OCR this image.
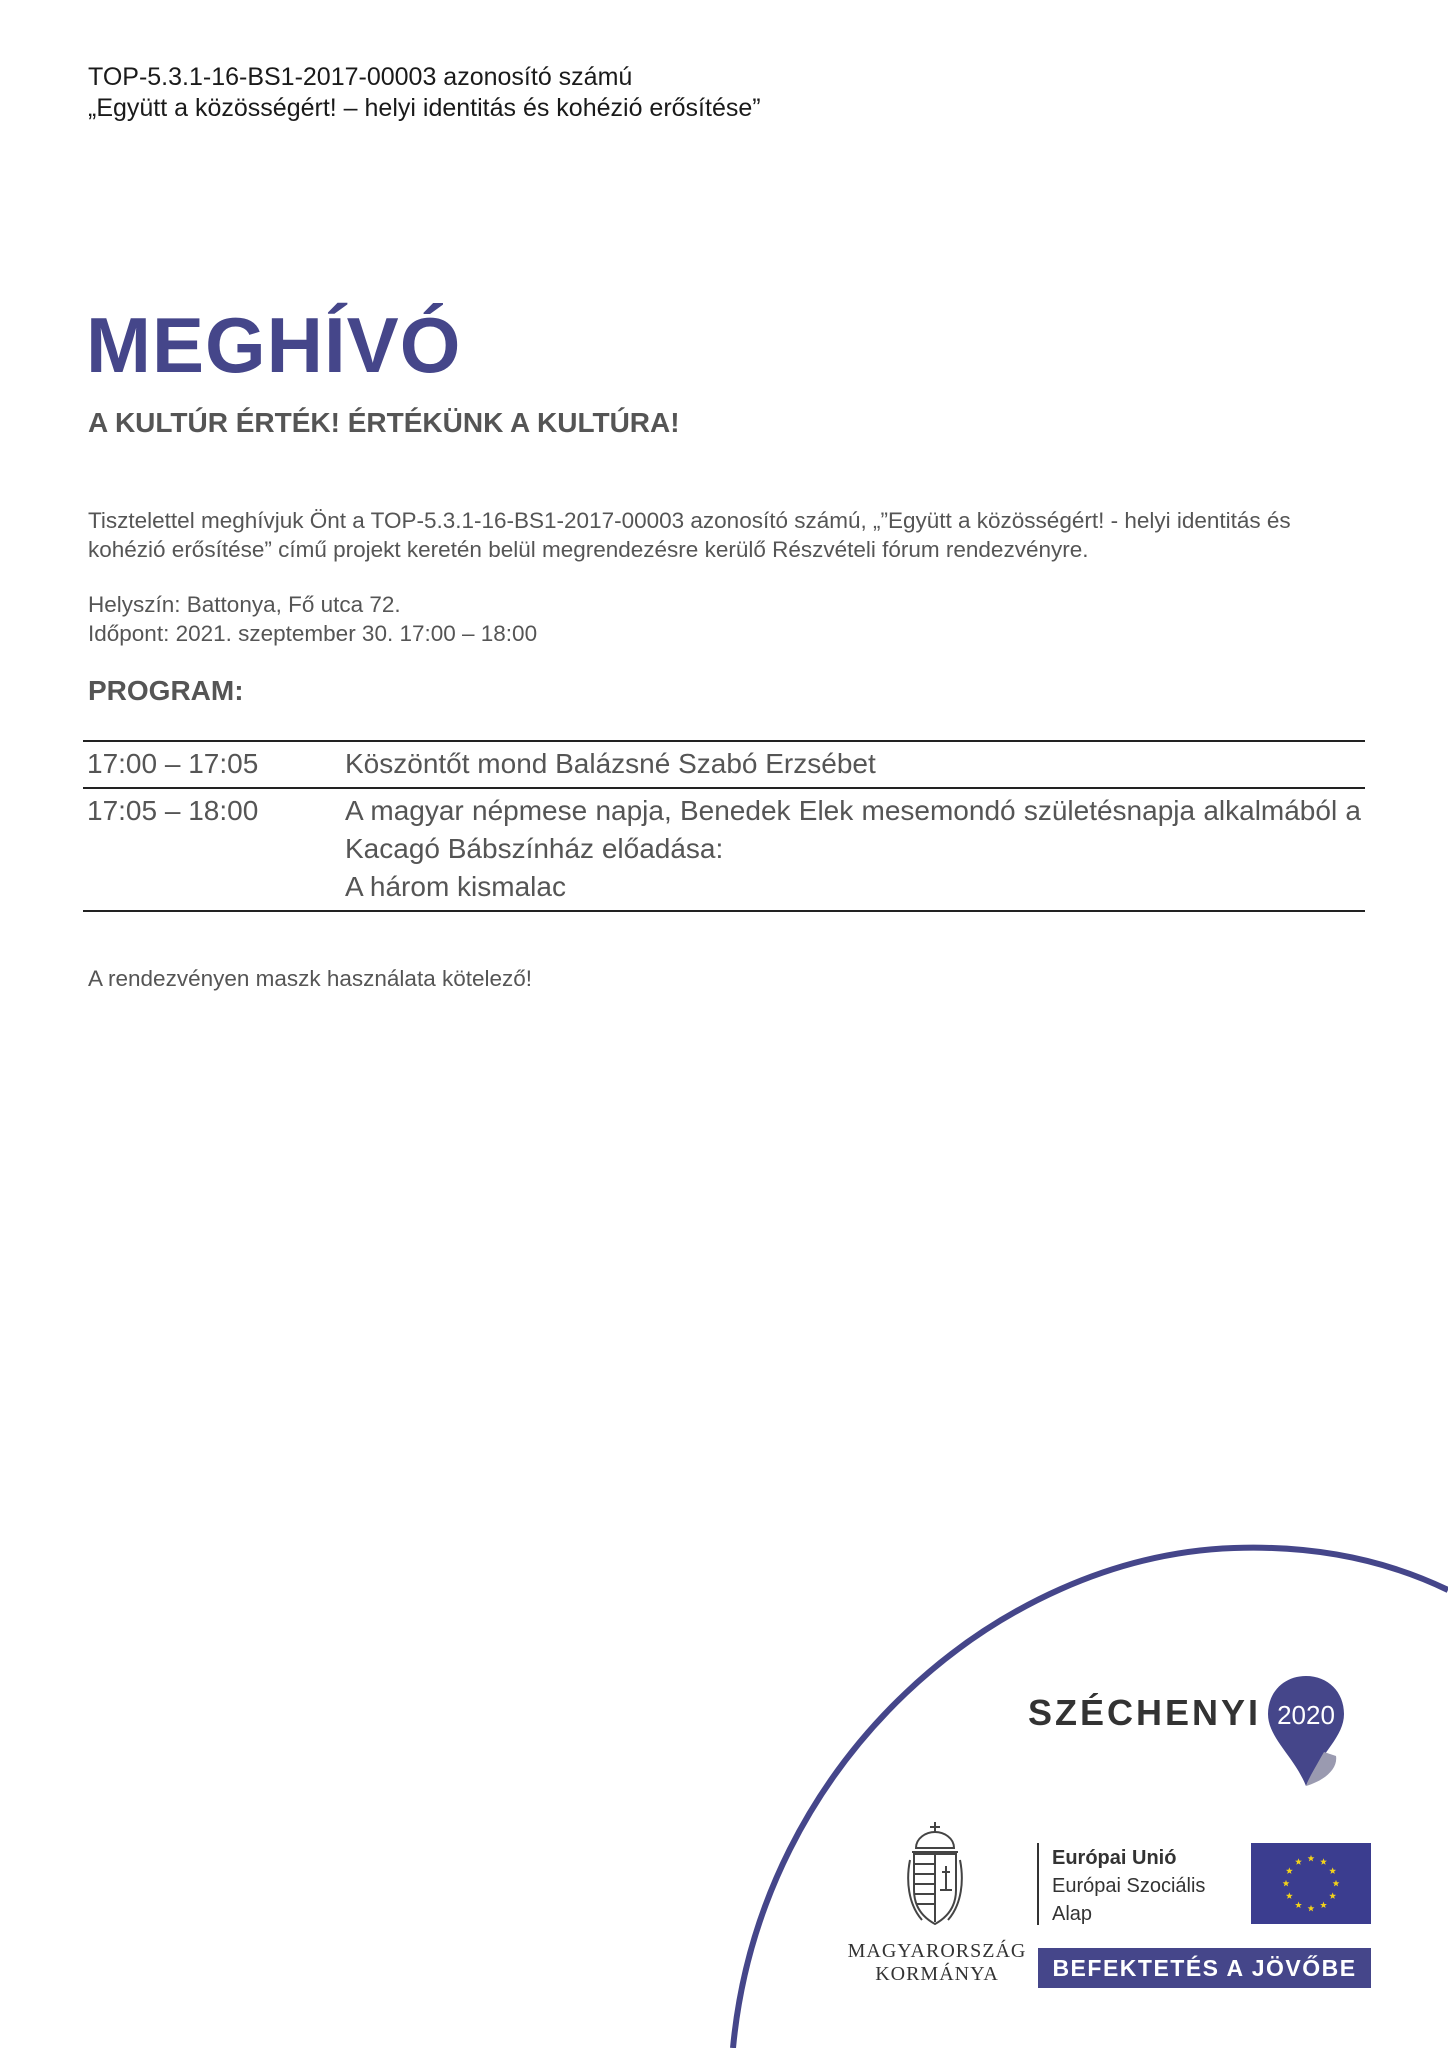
TOP-5.3.1-16-BS1-2017-00003 azonosító számú
„Együtt a közösségért! – helyi identitás és kohézió erősítése”
MEGHÍVÓ
A KULTÚR ÉRTÉK! ÉRTÉKÜNK A KULTÚRA!
Tisztelettel meghívjuk Önt a TOP-5.3.1-16-BS1-2017-00003 azonosító számú, „”Együtt a közösségért! - helyi identitás és kohézió erősítése” című projekt keretén belül megrendezésre kerülő Részvételi fórum rendezvényre.
Helyszín: Battonya, Fő utca 72.
Időpont: 2021. szeptember 30. 17:00 – 18:00
PROGRAM:
17:00 – 17:05	Köszöntőt mond Balázsné Szabó Erzsébet
17:05 – 18:00	A magyar népmese napja, Benedek Elek mesemondó születésnapja alkalmából a Kacagó Bábszínház előadása:
A három kismalac
A rendezvényen maszk használata kötelező!
SZÉCHENYI 2020
MAGYARORSZÁG
KORMÁNYA
Európai Unió
Európai Szociális
Alap
BEFEKTETÉS A JÖVŐBE
